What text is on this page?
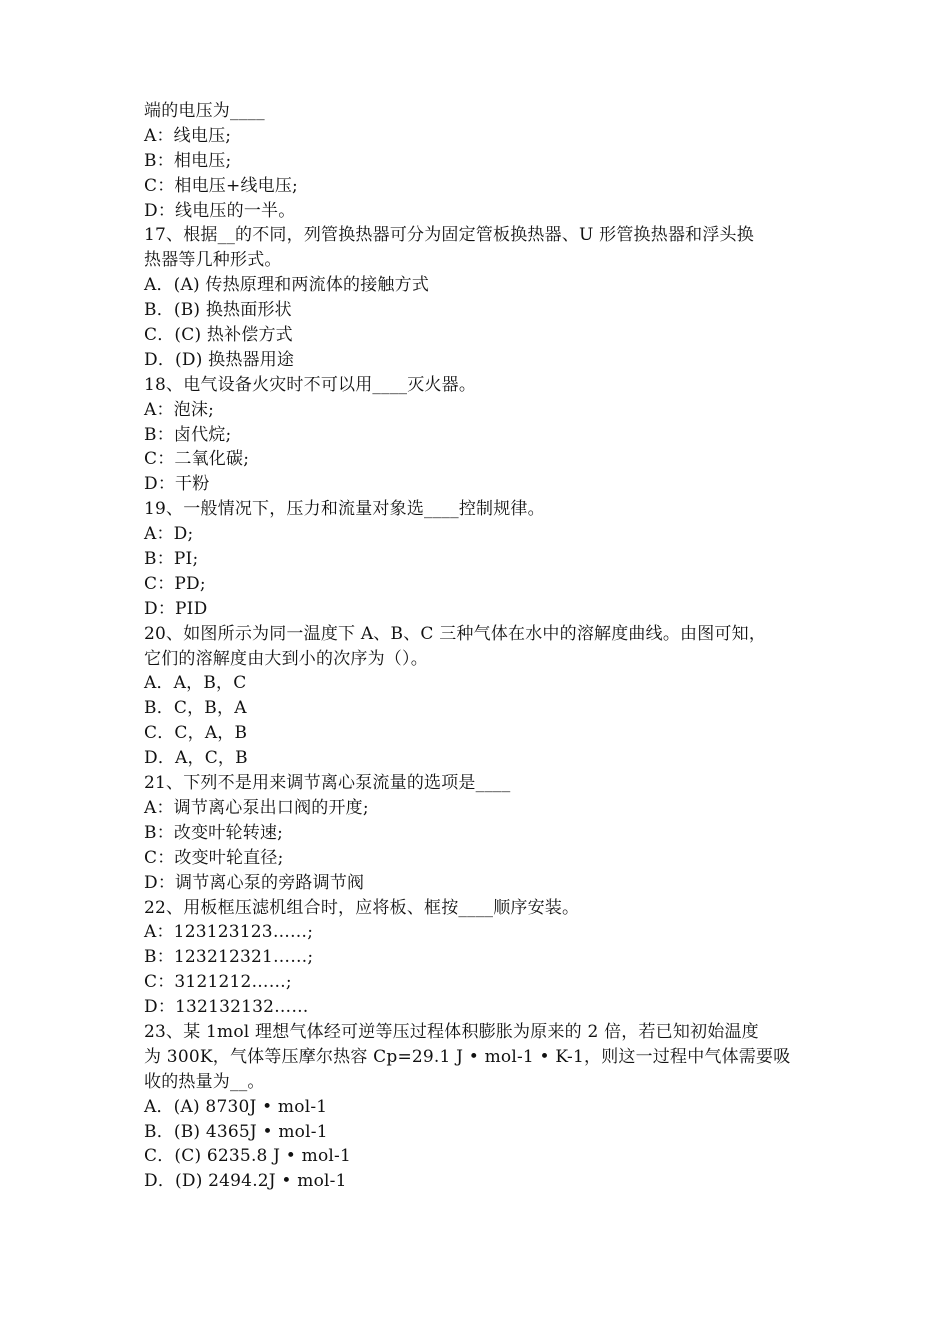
端的电压为____
A：线电压;
B：相电压;
C：相电压+线电压;
D：线电压的一半。
17、根据__的不同，列管换热器可分为固定管板换热器、U 形管换热器和浮头换
热器等几种形式。
A．(A) 传热原理和两流体的接触方式
B．(B) 换热面形状
C．(C) 热补偿方式
D．(D) 换热器用途
18、电气设备火灾时不可以用____灭火器。
A：泡沫;
B：卤代烷;
C：二氧化碳;
D：干粉
19、一般情况下，压力和流量对象选____控制规律。
A：D;
B：PI;
C：PD;
D：PID
20、如图所示为同一温度下 A、B、C 三种气体在水中的溶解度曲线。由图可知，
它们的溶解度由大到小的次序为（）。
A．A，B，C
B．C，B，A
C．C，A，B
D．A，C，B
21、下列不是用来调节离心泵流量的选项是____
A：调节离心泵出口阀的开度;
B：改变叶轮转速;
C：改变叶轮直径;
D：调节离心泵的旁路调节阀
22、用板框压滤机组合时，应将板、框按____顺序安装。
A：123123123……;
B：123212321……;
C：3121212……;
D：132132132……
23、某 1mol 理想气体经可逆等压过程体积膨胀为原来的 2 倍，若已知初始温度
为 300K，气体等压摩尔热容 Cp=29.1 J • mol-1 • K-1，则这一过程中气体需要吸
收的热量为__。
A．(A) 8730J • mol-1
B．(B) 4365J • mol-1
C．(C) 6235.8 J • mol-1
D．(D) 2494.2J • mol-1
